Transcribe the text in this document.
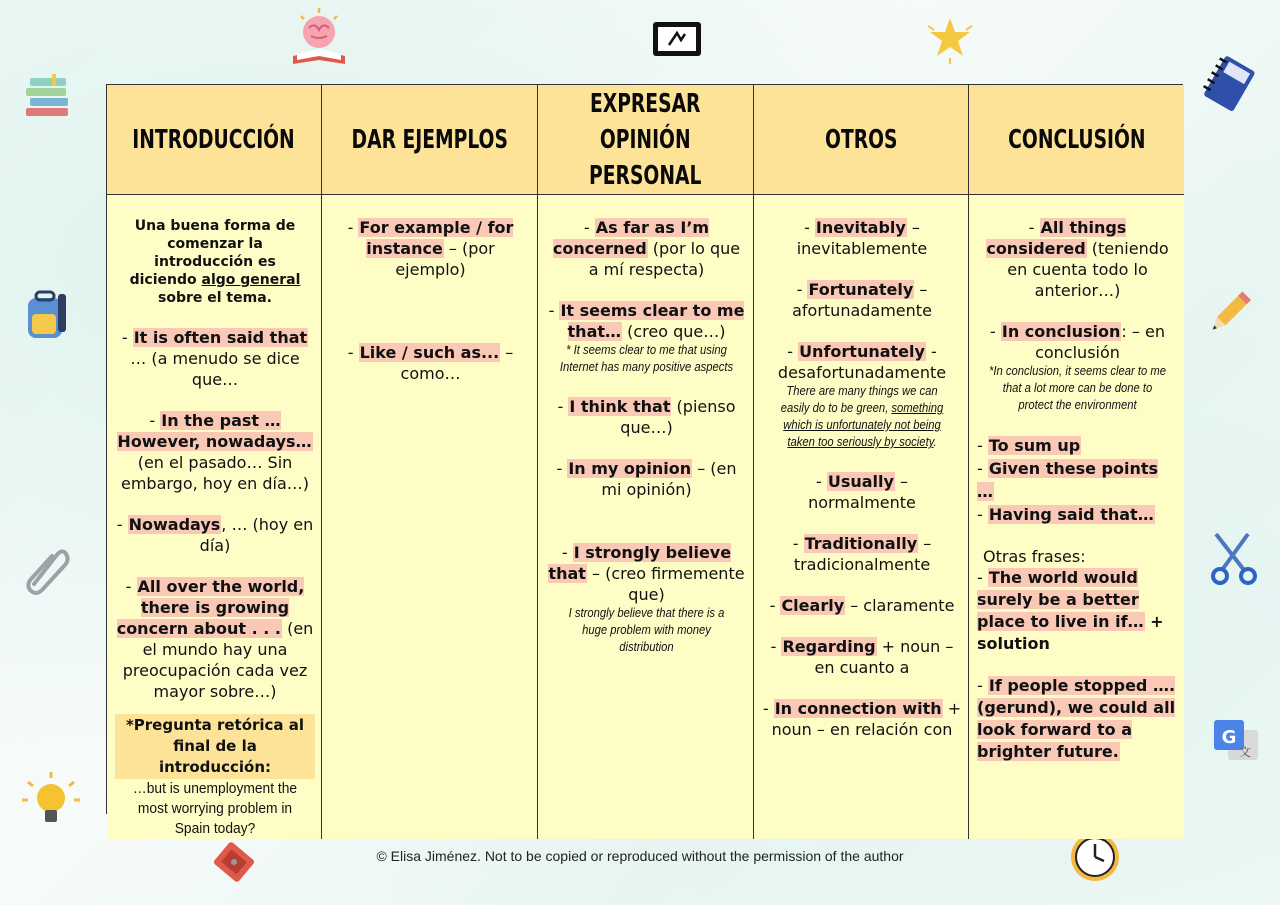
G
文
INTRODUCCIÓN DAR EJEMPLOS
EXPRESAR
OPINIÓN
PERSONAL
OTROS	CONCLUSIÓN
Una buena forma de comenzar la introducción es diciendo algo general sobre el tema.
- It is often said that … (a menudo se dice que…
- In the past … However, nowadays… (en el pasado… Sin embargo, hoy en día…)
- Nowadays, … (hoy en día)
- All over the world, there is growing concern about . . . (en el mundo hay una preocupación cada vez mayor sobre…)
*Pregunta retórica al final de la introducción:
…but is unemployment the most worrying problem in Spain today?
- For example / for instance – (por ejemplo)
- Like / such as... – como…
- As far as I’m concerned (por lo que a mí respecta)
- It seems clear to me that… (creo que…)
* It seems clear to me that using Internet has many positive aspects
- I think that (pienso que…)
- In my opinion – (en mi opinión)
- I strongly believe that – (creo firmemente que)
I strongly believe that there is a huge problem with money distribution
- Inevitably – inevitablemente
- Fortunately – afortunadamente
- Unfortunately - desafortunadamente
There are many things we can easily do to be green, something which is unfortunately not being taken too seriously by society.
- Usually – normalmente
- Traditionally – tradicionalmente
- Clearly – claramente
- Regarding + noun – en cuanto a
- In connection with + noun – en relación con
- All things considered (teniendo en cuenta todo lo anterior…)
- In conclusion: – en conclusión
*In conclusion, it seems clear to me that a lot more can be done to protect the environment
- To sum up
- Given these points …
- Having said that…
Otras frases:
- The world would surely be a better place to live in if… + solution
- If people stopped ….(gerund), we could all look forward to a brighter future.
© Elisa Jiménez. Not to be copied or reproduced without the permission of the author
